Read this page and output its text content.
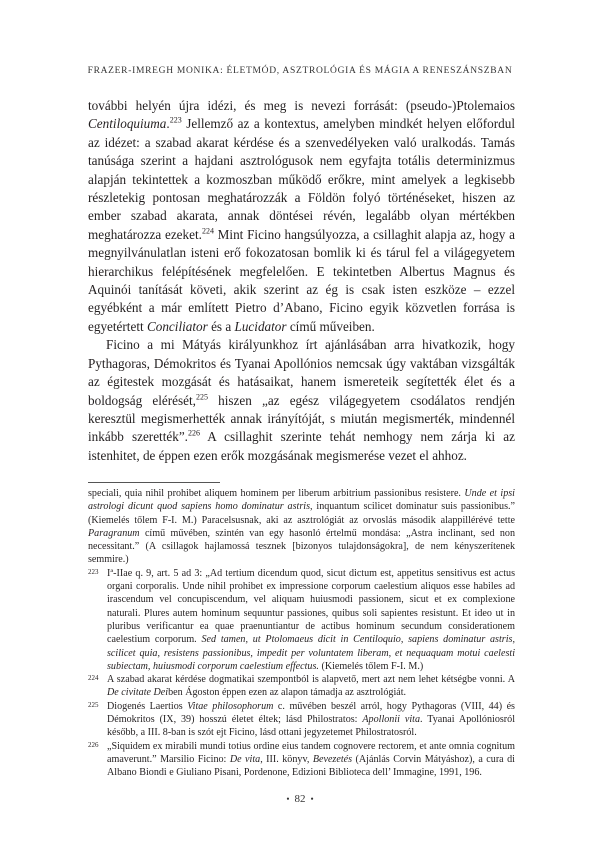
FRAZER-IMREGH MONIKA: ÉLETMÓD, ASZTROLÓGIA ÉS MÁGIA A RENESZÁNSZBAN

további helyén újra idézi, és meg is nevezi forrását: (pseudo-)Ptolemaios Centiloquiuma.$^{223}$ Jellemző az a kontextus, amelyben mindkét helyen előfordul az idézet: a szabad akarat kérdése és a szenvedélyeken való uralkodás. Tamás tanúsága szerint a hajdani asztrológusok nem egyfajta totális determinizmus alapján tekintettek a kozmoszban működő erőkre, mint amelyek a legkisebb részletekig pontosan meghatározzák a Földön folyó történéseket, hiszen az ember szabad akarata, annak döntései révén, legalább olyan mértékben meghatározza ezeket.$^{224}$ Mint Ficino hangsúlyozza, a csillaghit alapja az, hogy a megnyilvánulatlan isteni erő fokozatosan bomlik ki és tárul fel a világegyetem hierarchikus felépítésének megfelelően. E tekintetben Albertus Magnus és Aquinói tanítását követi, akik szerint az ég is csak isten eszköze – ezzel egyébként a már említett Pietro d’Abano, Ficino egyik közvetlen forrása is egyetértett Conciliator és a Lucidator című műveiben.

Ficino a mi Mátyás királyunkhoz írt ajánlásában arra hivatkozik, hogy Pythagoras, Démokritos és Tyanai Apollónios nemcsak úgy vaktában vizsgálták az égitestek mozgását és hatásaikat, hanem ismereteik segítették élet és a boldogság elérését,$^{225}$ hiszen „az egész világegyetem csodálatos rendjén keresztül megismerhették annak irányítóját, s miután megismerték, mindennél inkább szerették”.$^{226}$ A csillaghit szerinte tehát nemhogy nem zárja ki az istenhitet, de éppen ezen erők mozgásának megismerése vezet el ahhoz.

speciali, quia nihil prohibet aliquem hominem per liberum arbitrium passionibus resistere. Unde et ipsi astrologi dicunt quod sapiens homo dominatur astris, inquantum scilicet dominatur suis passionibus.” (Kiemelés tőlem F-I. M.) Paracelsusnak, aki az asztrológiát az orvoslás második alappillérévé tette Paragranum című művében, szintén van egy hasonló értelmű mondása: „Astra inclinant, sed non necessitant.” (A csillagok hajlamossá tesznek [bizonyos tulajdonságokra], de nem kényszerítenek semmire.)

223 Iª-IIae q. 9, art. 5 ad 3: „Ad tertium dicendum quod, sicut dictum est, appetitus sensitivus est actus organi corporalis. Unde nihil prohibet ex impressione corporum caelestium aliquos esse habiles ad irascendum vel concupiscendum, vel aliquam huiusmodi passionem, sicut et ex complexione naturali. Plures autem hominum sequuntur passiones, quibus soli sapientes resistunt. Et ideo ut in pluribus verificantur ea quae praenuntiantur de actibus hominum secundum considerationem caelestium corporum. Sed tamen, ut Ptolomaeus dicit in Centiloquio, sapiens dominatur astris, scilicet quia, resistens passionibus, impedit per voluntatem liberam, et nequaquam motui caelesti subiectam, huiusmodi corporum caelestium effectus. (Kiemelés tőlem F-I. M.)

224 A szabad akarat kérdése dogmatikai szempontból is alapvető, mert azt nem lehet kétségbe vonni. A De civitate Deiben Ágoston éppen ezen az alapon támadja az asztrológiát.

225 Diogenés Laertios Vitae philosophorum c. művében beszél arról, hogy Pythagoras (VIII, 44) és Démokritos (IX, 39) hosszú életet éltek; lásd Philostratos: Apollonii vita. Tyanai Apollóniosról később, a III. 8-ban is szót ejt Ficino, lásd ottani jegyzetemet Philostratosról.

226 „Siquidem ex mirabili mundi totius ordine eius tandem cognovere rectorem, et ante omnia cognitum amaverunt.” Marsilio Ficino: De vita, III. könyv, Bevezetés (Ajánlás Corvin Mátyáshoz), a cura di Albano Biondi e Giuliano Pisani, Pordenone, Edizioni Biblioteca dell’ Immagine, 1991, 196.

• 82 •
